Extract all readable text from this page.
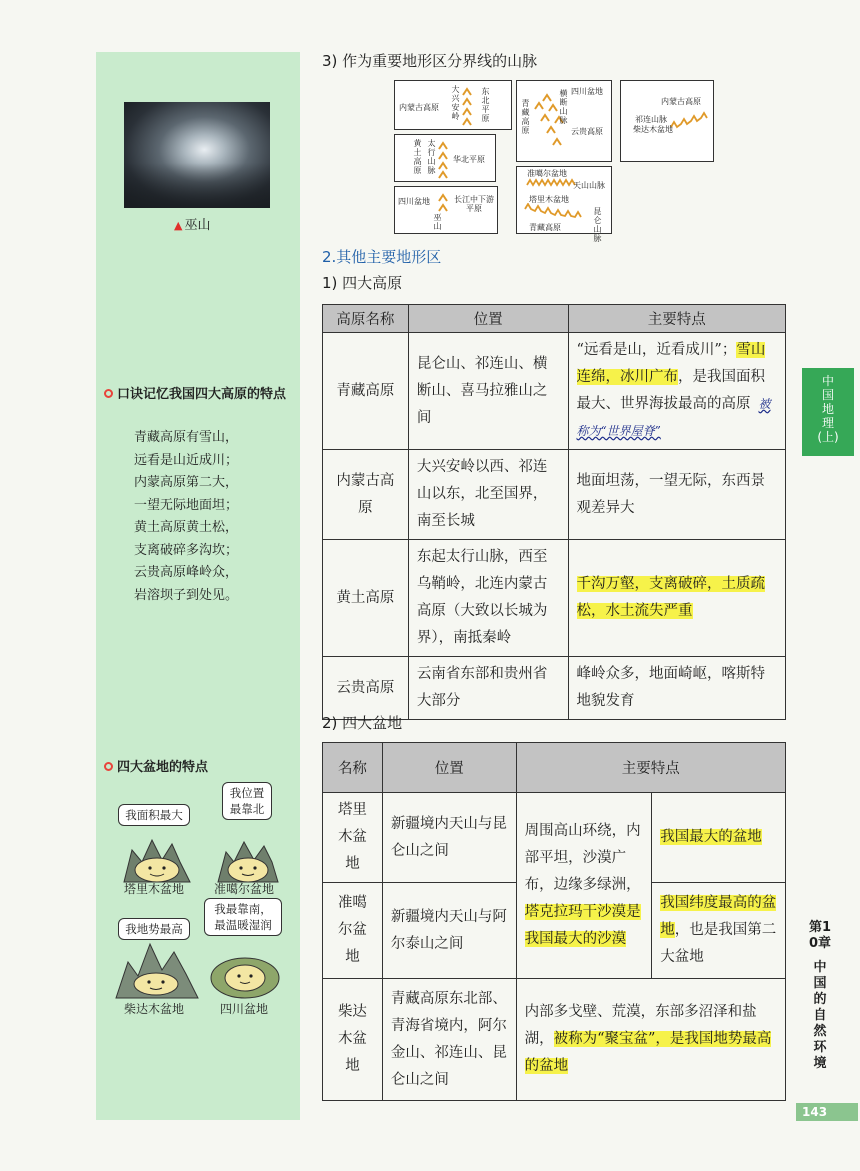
▲ 巫山
口诀记忆我国四大高原的特点
青藏高原有雪山，
远看是山近成川；
内蒙高原第二大，
一望无际地面坦；
黄土高原黄土松，
支离破碎多沟坎；
云贵高原峰岭众，
岩溶坝子到处见。
四大盆地的特点
我面积最大
我位置最靠北
塔里木盆地 准噶尔盆地
我地势最高
我最靠南，最温暖湿润
柴达木盆地	四川盆地
3) 作为重要地形区分界线的山脉
内蒙古高原
大兴安岭
东北平原
黄土高原
太行山脉
华北平原
四川盆地	长江中下游平原
巫山
青藏高原
横断山脉
四川盆地
云贵高原
准噶尔盆地
天山山脉
塔里木盆地
昆仑山脉
青藏高原
内蒙古高原
祁连山脉
柴达木盆地
2.其他主要地形区
1) 四大高原
高原名称	位置	主要特点
青藏高原	昆仑山、祁连山、横断山、喜马拉雅山之间	“远看是山，近看成川”；雪山连绵，冰川广布，是我国面积最大、世界海拔最高的高原 被称为“世界屋脊”
内蒙古高原	大兴安岭以西、祁连山以东，北至国界，南至长城	地面坦荡，一望无际，东西景观差异大
黄土高原	东起太行山脉，西至乌鞘岭，北连内蒙古高原（大致以长城为界），南抵秦岭	千沟万壑，支离破碎，土质疏松，水土流失严重
云贵高原	云南省东部和贵州省大部分	峰岭众多，地面崎岖，喀斯特地貌发育
2) 四大盆地
名称	位置	主要特点	
塔里木盆地	新疆境内天山与昆仑山之间	周围高山环绕，内部平坦，沙漠广布，边缘多绿洲，塔克拉玛干沙漠是我国最大的沙漠	我国最大的盆地
准噶尔盆地	新疆境内天山与阿尔泰山之间		我国纬度最高的盆地，也是我国第二大盆地
柴达木盆地	青藏高原东北部、青海省境内，阿尔金山、祁连山、昆仑山之间	内部多戈壁、荒漠，东部多沼泽和盐湖，被称为“聚宝盆”，是我国地势最高的盆地	
中国地理
(上)
第10章
中国的自然环境
143
